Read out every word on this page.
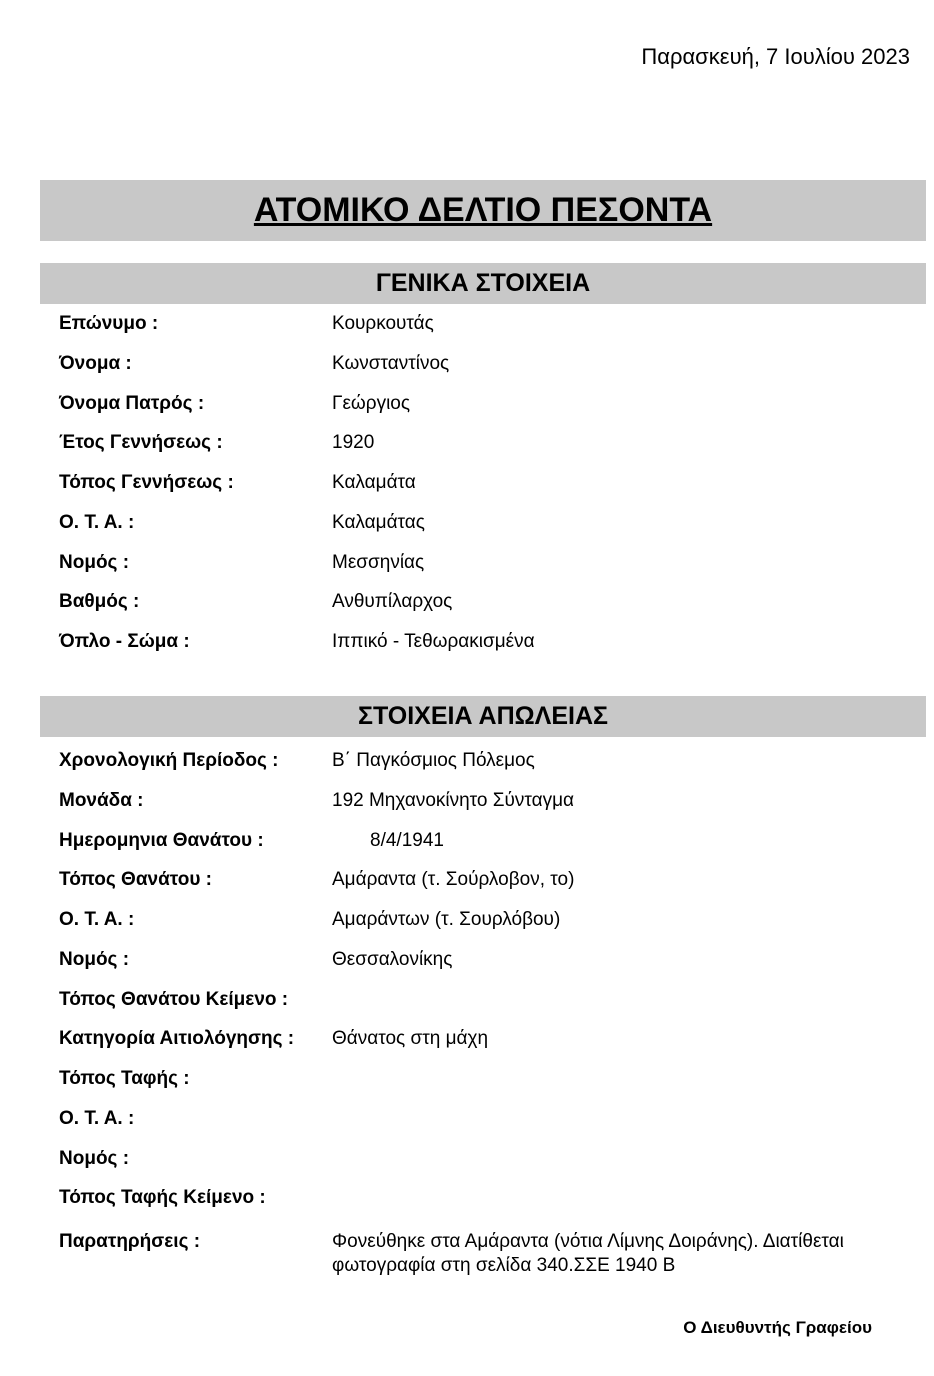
Παρασκευή, 7 Ιουλίου 2023
ΑΤΟΜΙΚΟ ΔΕΛΤΙΟ ΠΕΣΟΝΤΑ
ΓΕΝΙΚΑ ΣΤΟΙΧΕΙΑ
Επώνυμο :	Κουρκουτάς
Όνομα :	Κωνσταντίνος
Όνομα Πατρός :	Γεώργιος
Έτος Γεννήσεως :	1920
Τόπος Γεννήσεως :	Καλαμάτα
Ο. Τ. Α. :	Καλαμάτας
Νομός :	Μεσσηνίας
Βαθμός :	Ανθυπίλαρχος
Όπλο - Σώμα :	Ιππικό - Τεθωρακισμένα
ΣΤΟΙΧΕΙΑ ΑΠΩΛΕΙΑΣ
Χρονολογική Περίοδος :	Β΄ Παγκόσμιος Πόλεμος
Μονάδα :	192 Μηχανοκίνητο Σύνταγμα
Ημερομηνια Θανάτου :	8/4/1941
Τόπος Θανάτου :	Αμάραντα (τ. Σούρλοβον, το)
Ο. Τ. Α. :	Αμαράντων (τ. Σουρλόβου)
Νομός :	Θεσσαλονίκης
Τόπος Θανάτου Κείμενο :
Κατηγορία Αιτιολόγησης : Θάνατος στη μάχη
Τόπος Ταφής :
Ο. Τ. Α. :
Νομός :
Τόπος Ταφής Κείμενο :
Παρατηρήσεις :	Φονεύθηκε στα Αμάραντα (νότια Λίμνης Δοιράνης). Διατίθεται φωτογραφία στη σελίδα 340.ΣΣΕ 1940 Β
Ο Διευθυντής Γραφείου
